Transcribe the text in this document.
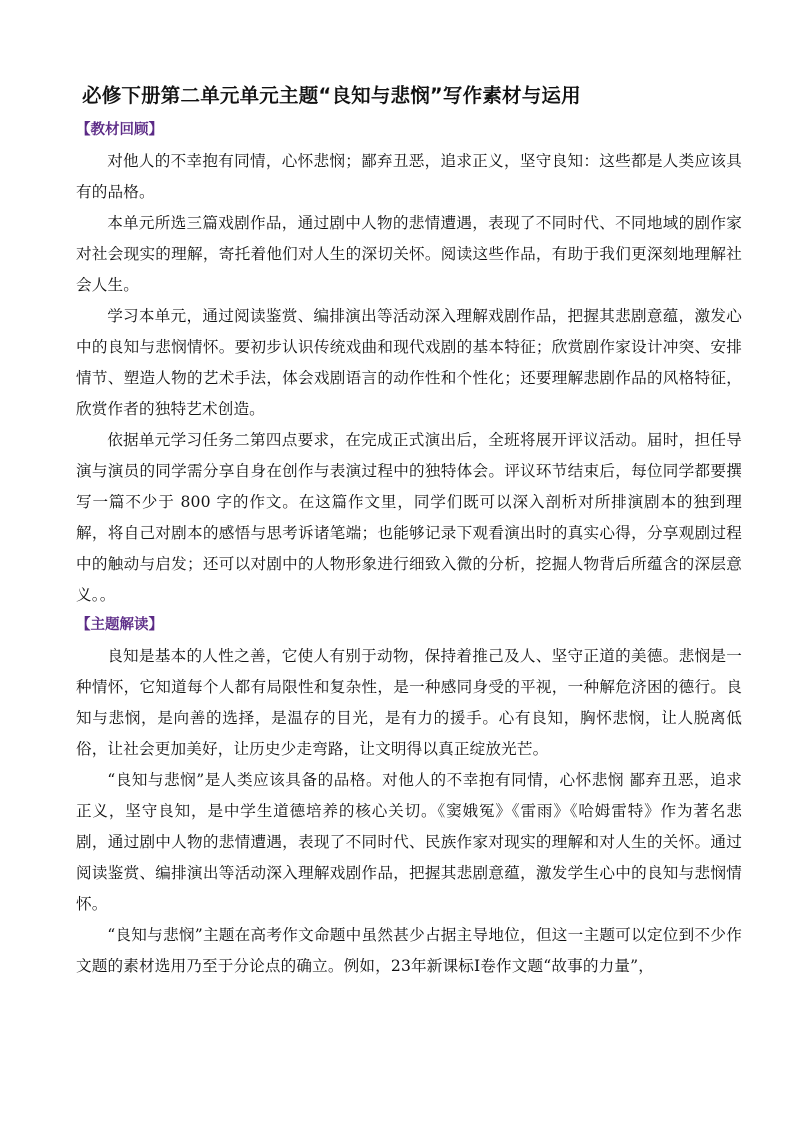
必修下册第二单元单元主题“良知与悲悯”写作素材与运用
【教材回顾】

对他人的不幸抱有同情，心怀悲悯；鄙弃丑恶，追求正义，坚守良知：这些都是人类应该具有的品格。

本单元所选三篇戏剧作品，通过剧中人物的悲情遭遇，表现了不同时代、不同地域的剧作家对社会现实的理解，寄托着他们对人生的深切关怀。阅读这些作品，有助于我们更深刻地理解社会人生。

学习本单元，通过阅读鉴赏、编排演出等活动深入理解戏剧作品，把握其悲剧意蕴，激发心中的良知与悲悯情怀。要初步认识传统戏曲和现代戏剧的基本特征；欣赏剧作家设计冲突、安排情节、塑造人物的艺术手法，体会戏剧语言的动作性和个性化；还要理解悲剧作品的风格特征，欣赏作者的独特艺术创造。

依据单元学习任务二第四点要求，在完成正式演出后，全班将展开评议活动。届时，担任导演与演员的同学需分享自身在创作与表演过程中的独特体会。评议环节结束后，每位同学都要撰写一篇不少于 800 字的作文。在这篇作文里，同学们既可以深入剖析对所排演剧本的独到理解，将自己对剧本的感悟与思考诉诸笔端；也能够记录下观看演出时的真实心得，分享观剧过程中的触动与启发；还可以对剧中的人物形象进行细致入微的分析，挖掘人物背后所蕴含的深层意义。。

【主题解读】

良知是基本的人性之善，它使人有别于动物，保持着推己及人、坚守正道的美德。悲悯是一种情怀，它知道每个人都有局限性和复杂性，是一种感同身受的平视，一种解危济困的德行。良知与悲悯，是向善的选择，是温存的目光，是有力的援手。心有良知，胸怀悲悯，让人脱离低俗，让社会更加美好，让历史少走弯路，让文明得以真正绽放光芒。

“良知与悲悯”是人类应该具备的品格。对他人的不幸抱有同情，心怀悲悯 鄙弃丑恶，追求正义，坚守良知，是中学生道德培养的核心关切。《窦娥冤》《雷雨》《哈姆雷特》作为著名悲剧，通过剧中人物的悲情遭遇，表现了不同时代、民族作家对现实的理解和对人生的关怀。通过阅读鉴赏、编排演出等活动深入理解戏剧作品，把握其悲剧意蕴，激发学生心中的良知与悲悯情怀。

“良知与悲悯”主题在高考作文命题中虽然甚少占据主导地位，但这一主题可以定位到不少作文题的素材选用乃至于分论点的确立。例如，23年新课标Ⅰ卷作文题“故事的力量”，
